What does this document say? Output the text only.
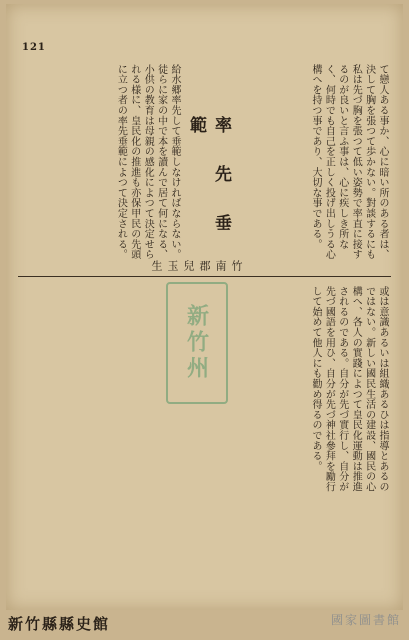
121
て戀人ある事か、心に暗い所のある者は、決して胸を張つて歩かない。對談するにも私は先づ胸を張つて低い姿勢で率直に接するのが良いと言ふ事は、心に疾しき所なく、何時でも自己を正しく投げ出しうる心構へを持つ事であり、大切な事である。
率 先 垂 範
竹南郡 兒 玉 生
給水郷率先して垂範しなければならない。徒らに家の中で本を讀んで居て何になる、小供の教育は母親の感化によつて決定せられる様に、皇民化の推進も亦保甲民の先頭に立つ者の率先垂範によつて決定される。
或は意識あるいは組織あるひは指導とあるのではない。新しい國民生活の建設、國民の心構へ、各人の實踐によつて皇民化運動は推進されるのである。自分が先づ實行し、自分が先づ國語を用ひ、自分が先づ神社參拜を勵行して始めて他人にも勸め得るのである。
新竹州
新竹縣縣史館	國家圖書館
